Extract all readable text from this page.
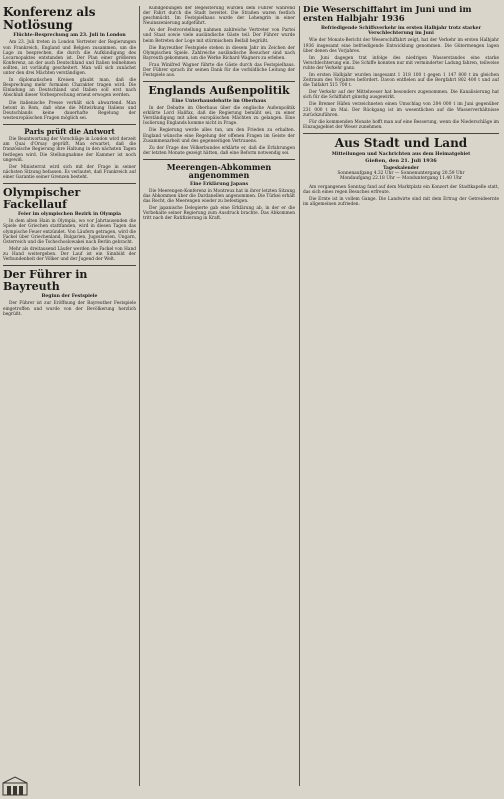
Konferenz als Notlösung
Flüchte-Besprechung am 23. Juli in London

Am 23. Juli treten in London Vertreter der Regierungen von Frankreich, England und Belgien zusammen, um die Lage zu besprechen, die durch die Aufkündigung des Locarnopaktes entstanden ist. Der Plan einer größeren Konferenz, an der auch Deutschland und Italien teilnehmen sollten, ist vorläufig gescheitert. Man will sich zunächst unter den drei Mächten verständigen.

In diplomatischen Kreisen glaubt man, daß die Besprechung mehr formalen Charakter tragen wird. Die Einladung an Deutschland und Italien soll erst nach Abschluß dieser Vorbesprechung erneut erwogen werden.

Die italienische Presse verhält sich abwartend. Man betont in Rom, daß ohne die Mitwirkung Italiens und Deutschlands keine dauerhafte Regelung der westeuropäischen Fragen möglich sei.

Paris prüft die Antwort

Die Beantwortung der Vorschläge in London wird derzeit am Quai d'Orsay geprüft. Man erwartet, daß die französische Regierung ihre Haltung in den nächsten Tagen festlegen wird. Die Stellungnahme der Kammer ist noch ungewiß.

Der Ministerrat wird sich mit der Frage in seiner nächsten Sitzung befassen. Es verlautet, daß Frankreich auf einer Garantie seiner Grenzen besteht.

Olympischer Fackellauf
Feier im olympischen Bezirk in Olympia

In dem alten Hain in Olympia, wo vor Jahrtausenden die Spiele der Griechen stattfanden, wird in diesen Tagen das olympische Feuer entzündet. Von Läufern getragen, wird die Fackel über Griechenland, Bulgarien, Jugoslawien, Ungarn, Österreich und die Tschechoslowakei nach Berlin gebracht.

Mehr als dreitausend Läufer werden die Fackel von Hand zu Hand weitergeben. Der Lauf ist ein Sinnbild der Verbundenheit der Völker und der Jugend der Welt.

Der Führer in Bayreuth
Beginn der Festspiele

Der Führer ist zur Eröffnung der Bayreuther Festspiele eingetroffen und wurde von der Bevölkerung herzlich begrüßt.

Kundgebungen der Begeisterung wurden dem Führer während der Fahrt durch die Stadt bereitet. Die Straßen waren festlich geschmückt. Im Festspielhaus wurde der Lohengrin in einer Neuinszenierung aufgeführt.

An der Festvorstellung nahmen zahlreiche Vertreter von Partei und Staat sowie viele ausländische Gäste teil. Der Führer wurde beim Betreten der Loge mit stürmischem Beifall begrüßt.

Die Bayreuther Festspiele stehen in diesem Jahr im Zeichen der Olympischen Spiele. Zahlreiche ausländische Besucher sind nach Bayreuth gekommen, um die Werke Richard Wagners zu erleben.

Frau Winifred Wagner führte die Gäste durch das Festspielhaus. Der Führer sprach ihr seinen Dank für die vorbildliche Leitung der Festspiele aus.

Englands Außenpolitik
Eine Unterhausdebatte im Oberhaus

In der Debatte im Oberhaus über die englische Außenpolitik erklärte Lord Halifax, daß die Regierung bemüht sei, zu einer Verständigung mit allen europäischen Mächten zu gelangen. Eine Isolierung Englands komme nicht in Frage.

Die Regierung werde alles tun, um den Frieden zu erhalten. England wünsche eine Regelung der offenen Fragen im Geiste der Zusammenarbeit und des gegenseitigen Vertrauens.

Zu der Frage des Völkerbundes erklärte er, daß die Erfahrungen der letzten Monate gezeigt hätten, daß eine Reform notwendig sei.

Meerengen-Abkommen angenommen
Eine Erklärung Japans

Die Meerengen-Konferenz in Montreux hat in ihrer letzten Sitzung das Abkommen über die Dardanellen angenommen. Die Türkei erhält das Recht, die Meerengen wieder zu befestigen.

Der japanische Delegierte gab eine Erklärung ab, in der er die Vorbehalte seiner Regierung zum Ausdruck brachte. Das Abkommen tritt nach der Ratifizierung in Kraft.

Die Weserschiffahrt im Juni und im ersten Halbjahr 1936
Befriedigende Schiffsverkehr im ersten Halbjahr trotz starker Verschlechterung im Juni

Wie der Monats-Bericht der Weserschiffahrt zeigt, hat der Verkehr im ersten Halbjahr 1936 insgesamt eine befriedigende Entwicklung genommen. Die Gütermengen lagen über denen des Vorjahres.

Im Juni dagegen trat infolge des niedrigen Wasserstandes eine starke Verschlechterung ein. Die Schiffe konnten nur mit verminderter Ladung fahren, teilweise ruhte der Verkehr ganz.

Im ersten Halbjahr wurden insgesamt 1 318 100 t gegen 1 147 800 t im gleichen Zeitraum des Vorjahres befördert. Davon entfielen auf die Bergfahrt 802 400 t und auf die Talfahrt 515 700 t.

Der Verkehr auf der Mittelweser hat besonders zugenommen. Die Kanalisierung hat sich für die Schiffahrt günstig ausgewirkt.

Die Bremer Häfen verzeichneten einen Umschlag von 204 000 t im Juni gegenüber 231 000 t im Mai. Der Rückgang ist im wesentlichen auf die Wasserverhältnisse zurückzuführen.

Für die kommenden Monate hofft man auf eine Besserung, wenn die Niederschläge im Einzugsgebiet der Weser zunehmen.

Aus Stadt und Land
Mitteilungen und Nachrichten aus dem Heimatgebiet

Gießen, den 21. Juli 1936

Tageskalender

Sonnenaufgang 4.32 Uhr — Sonnenuntergang 20.59 Uhr

Mondaufgang 22.18 Uhr — Monduntergang 11.40 Uhr

Am vergangenen Sonntag fand auf dem Marktplatz ein Konzert der Stadtkapelle statt, das sich eines regen Besuches erfreute.

Die Ernte ist in vollem Gange. Die Landwirte sind mit dem Ertrag der Getreideernte im allgemeinen zufrieden.
